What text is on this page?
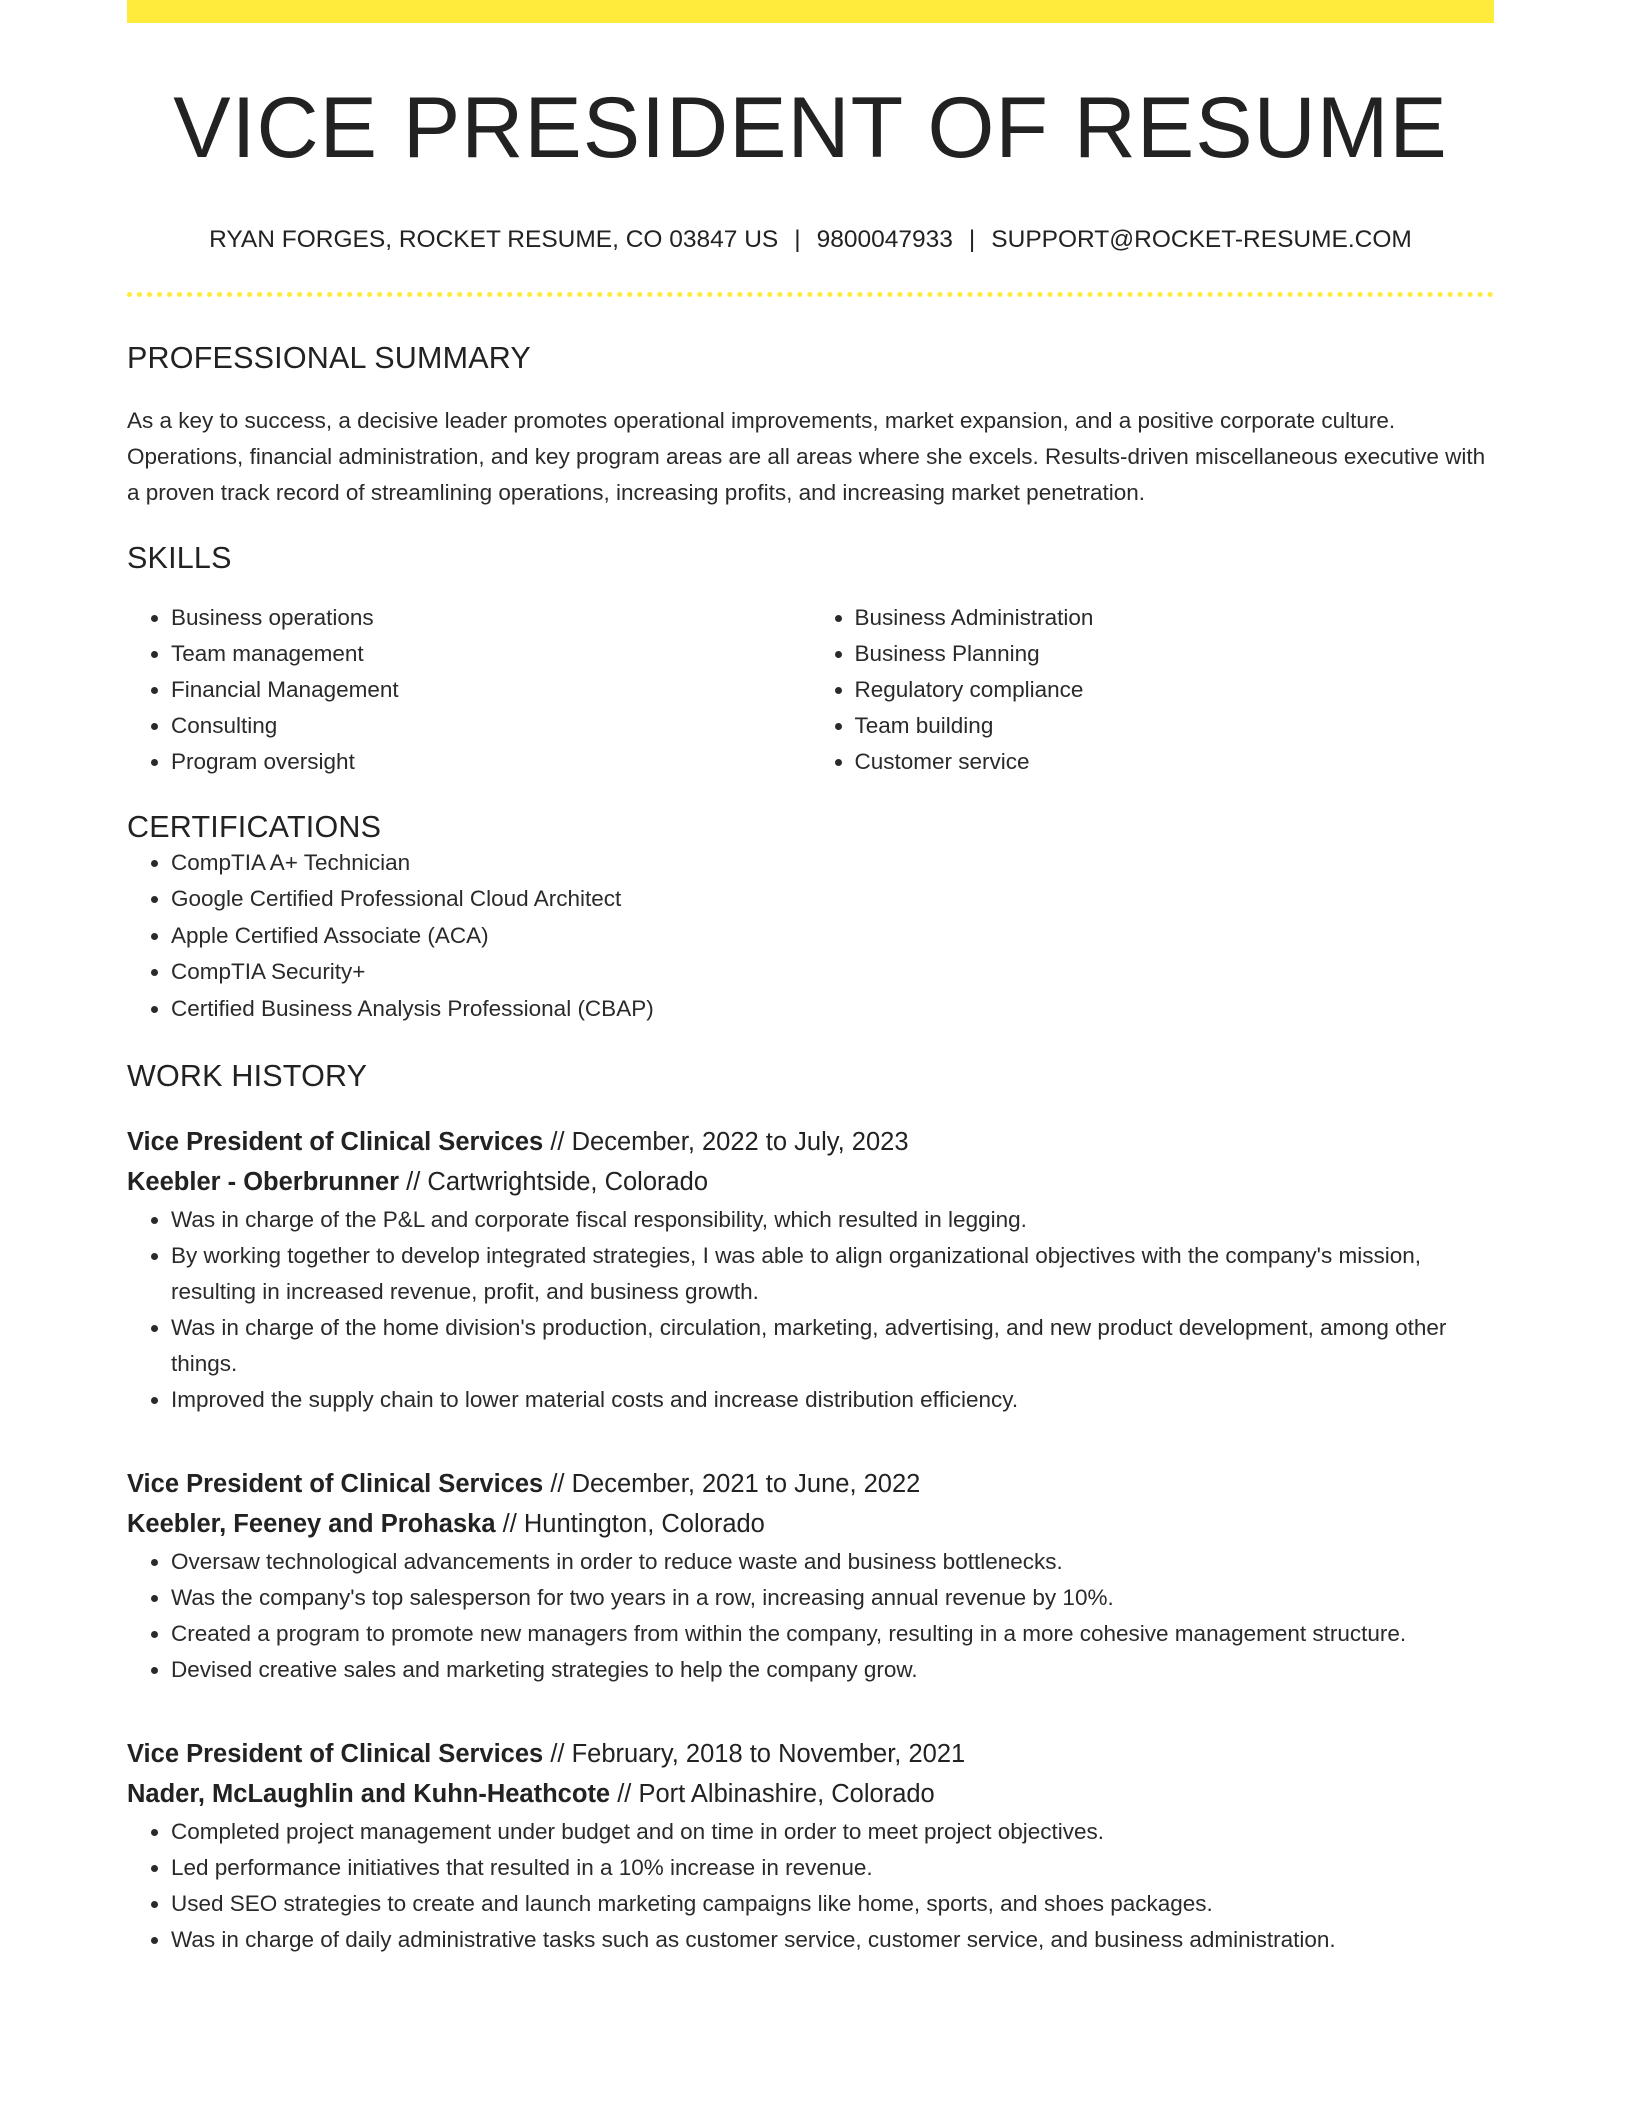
VICE PRESIDENT OF RESUME
RYAN FORGES, ROCKET RESUME, CO 03847 US | 9800047933 | SUPPORT@ROCKET-RESUME.COM
PROFESSIONAL SUMMARY

As a key to success, a decisive leader promotes operational improvements, market expansion, and a positive corporate culture. Operations, financial administration, and key program areas are all areas where she excels. Results-driven miscellaneous executive with a proven track record of streamlining operations, increasing profits, and increasing market penetration.

SKILLS
• Business operations
• Team management
• Financial Management
• Consulting
• Program oversight
• Business Administration
• Business Planning
• Regulatory compliance
• Team building
• Customer service
CERTIFICATIONS
• CompTIA A+ Technician
• Google Certified Professional Cloud Architect
• Apple Certified Associate (ACA)
• CompTIA Security+
• Certified Business Analysis Professional (CBAP)
WORK HISTORY
Vice President of Clinical Services // December, 2022 to July, 2023
Keebler - Oberbrunner // Cartwrightside, Colorado
• Was in charge of the P&L and corporate fiscal responsibility, which resulted in legging.
• By working together to develop integrated strategies, I was able to align organizational objectives with the company's mission, resulting in increased revenue, profit, and business growth.
• Was in charge of the home division's production, circulation, marketing, advertising, and new product development, among other things.
• Improved the supply chain to lower material costs and increase distribution efficiency.
Vice President of Clinical Services // December, 2021 to June, 2022
Keebler, Feeney and Prohaska // Huntington, Colorado
• Oversaw technological advancements in order to reduce waste and business bottlenecks.
• Was the company's top salesperson for two years in a row, increasing annual revenue by 10%.
• Created a program to promote new managers from within the company, resulting in a more cohesive management structure.
• Devised creative sales and marketing strategies to help the company grow.
Vice President of Clinical Services // February, 2018 to November, 2021
Nader, McLaughlin and Kuhn-Heathcote // Port Albinashire, Colorado
• Completed project management under budget and on time in order to meet project objectives.
• Led performance initiatives that resulted in a 10% increase in revenue.
• Used SEO strategies to create and launch marketing campaigns like home, sports, and shoes packages.
• Was in charge of daily administrative tasks such as customer service, customer service, and business administration.
